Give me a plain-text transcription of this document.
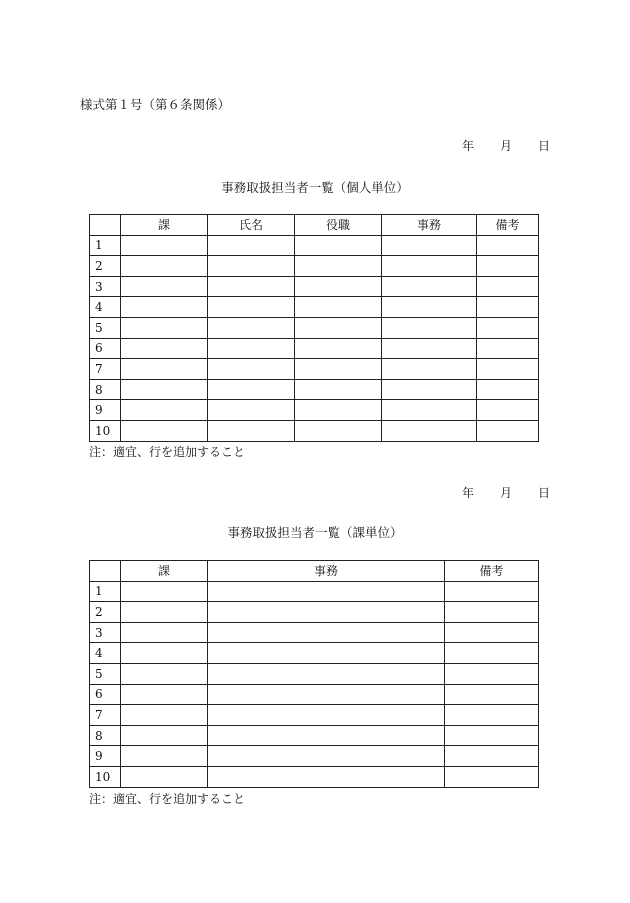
様式第１号（第６条関係）
年 月 日
事務取扱担当者一覧（個人単位）
	課	氏名	役職	事務	備考
1					
2					
3					
4					
5					
6					
7					
8					
9					
10					
注：適宜、行を追加すること
年 月 日
事務取扱担当者一覧（課単位）
	課	事務	備考
1			
2			
3			
4			
5			
6			
7			
8			
9			
10			
注：適宜、行を追加すること
